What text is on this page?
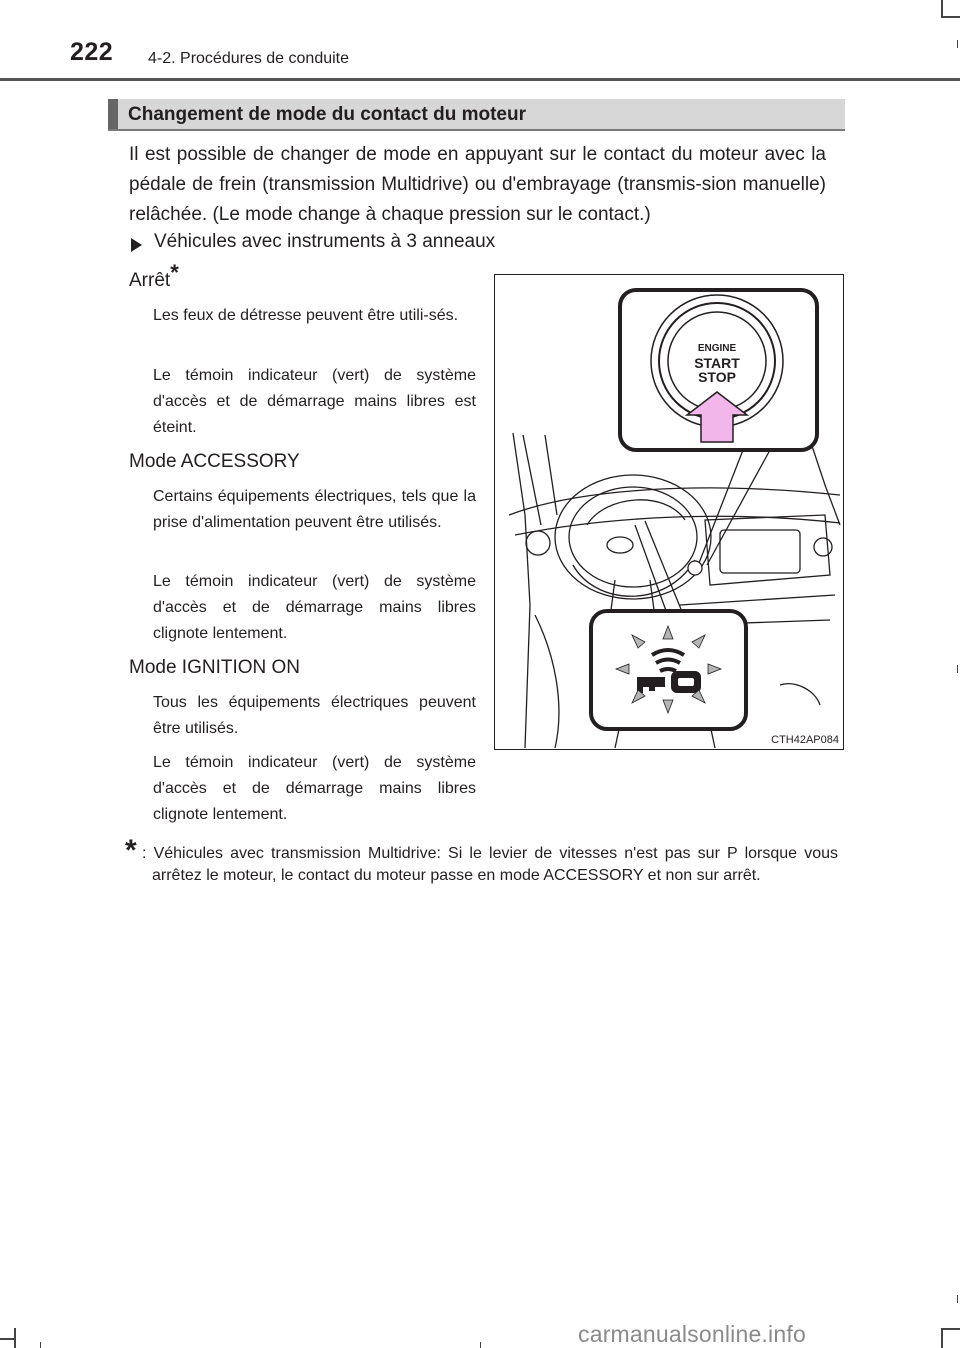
222 4-2. Procédures de conduite
Changement de mode du contact du moteur
Il est possible de changer de mode en appuyant sur le contact du moteur avec la pédale de frein (transmission Multidrive) ou d'embrayage (transmis-sion manuelle) relâchée. (Le mode change à chaque pression sur le contact.)
Véhicules avec instruments à 3 anneaux
Arrêt*
Les feux de détresse peuvent être utili-sés.
Le témoin indicateur (vert) de système d'accès et de démarrage mains libres est éteint.
Mode ACCESSORY
Certains équipements électriques, tels que la prise d'alimentation peuvent être utilisés.
Le témoin indicateur (vert) de système d'accès et de démarrage mains libres clignote lentement.
Mode IGNITION ON
Tous les équipements électriques peuvent être utilisés.
Le témoin indicateur (vert) de système d'accès et de démarrage mains libres clignote lentement.
ENGINE
START
STOP
CTH42AP084
* : Véhicules avec transmission Multidrive: Si le levier de vitesses n'est pas sur P lorsque vous arrêtez le moteur, le contact du moteur passe en mode ACCESSORY et non sur arrêt.
carmanualsonline.info
